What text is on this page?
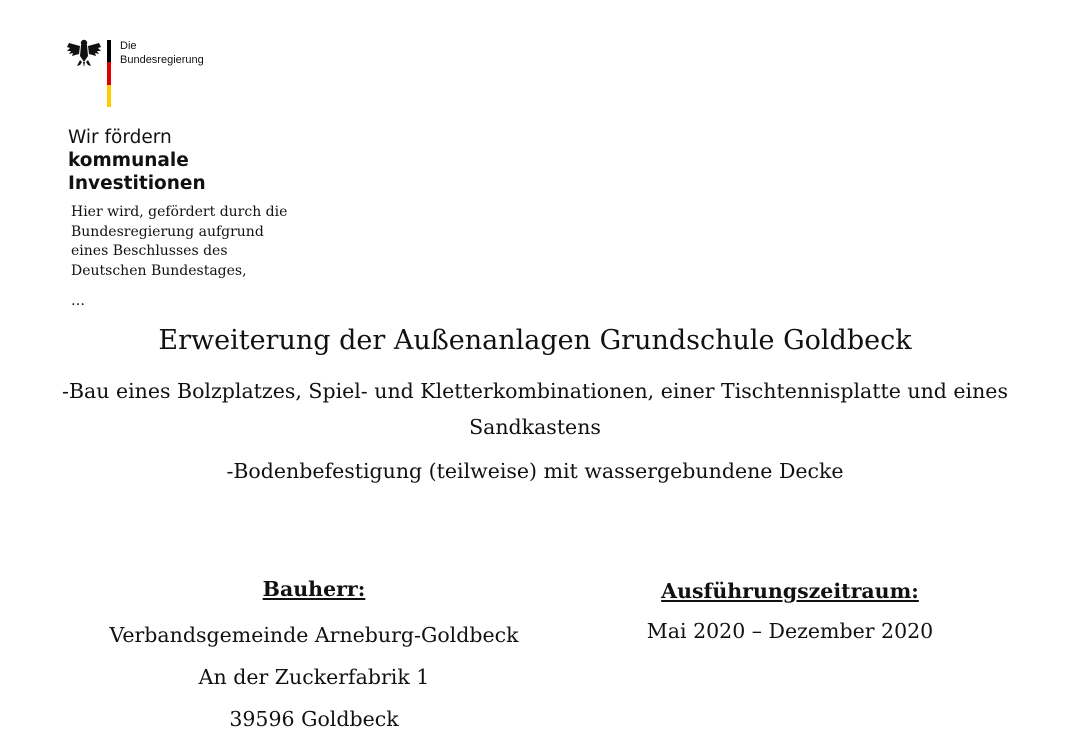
Die
Bundesregierung
Wir fördern
kommunale
Investitionen
Hier wird, gefördert durch die
Bundesregierung aufgrund
eines Beschlusses des
Deutschen Bundestages,
…
Erweiterung der Außenanlagen Grundschule Goldbeck
-Bau eines Bolzplatzes, Spiel- und Kletterkombinationen, einer Tischtennisplatte und eines Sandkastens
-Bodenbefestigung (teilweise) mit wassergebundene Decke
Bauherr:
Verbandsgemeinde Arneburg-Goldbeck
An der Zuckerfabrik 1
39596 Goldbeck
Ausführungszeitraum:
Mai 2020 – Dezember 2020
